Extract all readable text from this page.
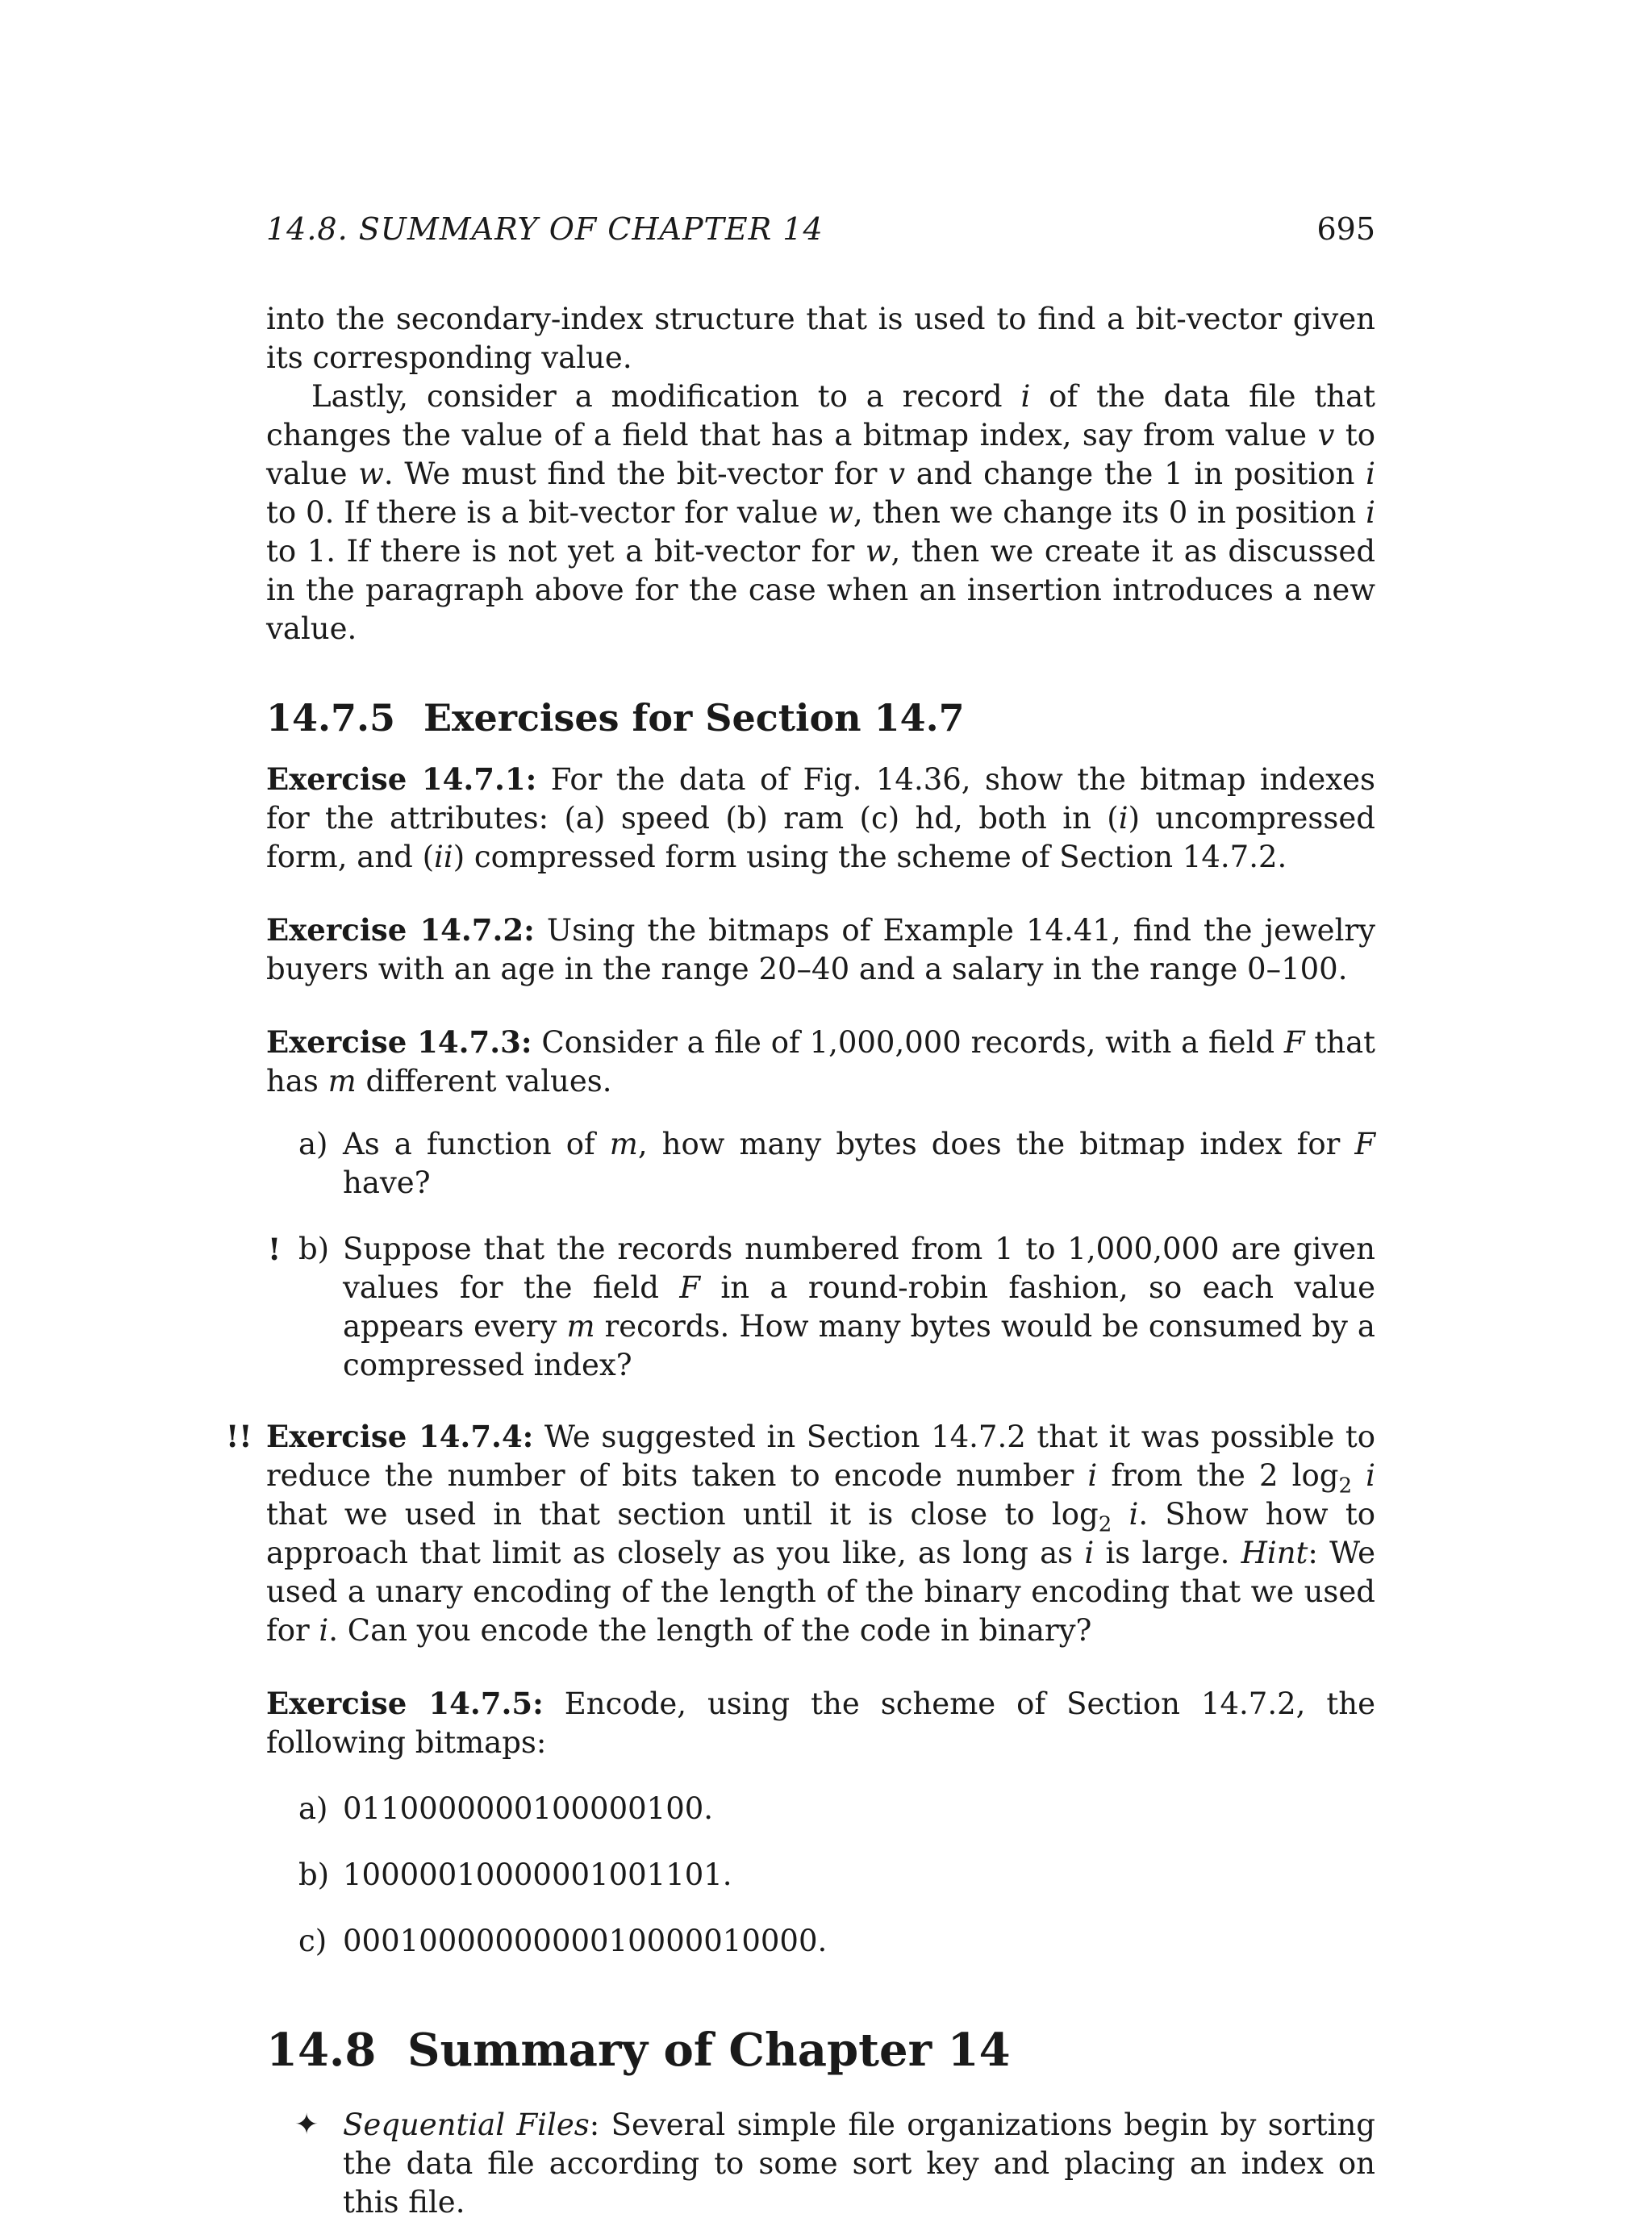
14.8. SUMMARY OF CHAPTER 14	695

into the secondary-index structure that is used to find a bit-vector given its corresponding value.

Lastly, consider a modification to a record i of the data file that changes the value of a field that has a bitmap index, say from value v to value w. We must find the bit-vector for v and change the 1 in position i to 0. If there is a bit-vector for value w, then we change its 0 in position i to 1. If there is not yet a bit-vector for w, then we create it as discussed in the paragraph above for the case when an insertion introduces a new value.

14.7.5 Exercises for Section 14.7

Exercise 14.7.1: For the data of Fig. 14.36, show the bitmap indexes for the attributes: (a) speed (b) ram (c) hd, both in (i) uncompressed form, and (ii) compressed form using the scheme of Section 14.7.2.

Exercise 14.7.2: Using the bitmaps of Example 14.41, find the jewelry buyers with an age in the range 20–40 and a salary in the range 0–100.

Exercise 14.7.3: Consider a file of 1,000,000 records, with a field F that has m different values.

a) As a function of m, how many bytes does the bitmap index for F have?
! b) Suppose that the records numbered from 1 to 1,000,000 are given values for the field F in a round-robin fashion, so each value appears every m records. How many bytes would be consumed by a compressed index?

!! Exercise 14.7.4: We suggested in Section 14.7.2 that it was possible to reduce the number of bits taken to encode number i from the 2 $\log_2 i$ that we used in that section until it is close to $\log_2 i$. Show how to approach that limit as closely as you like, as long as i is large. Hint: We used a unary encoding of the length of the binary encoding that we used for i. Can you encode the length of the code in binary?

Exercise 14.7.5: Encode, using the scheme of Section 14.7.2, the following bitmaps:

a) 0110000000100000100.
b) 10000010000001001101.
c) 0001000000000010000010000.
14.8 Summary of Chapter 14

✦ Sequential Files: Several simple file organizations begin by sorting the data file according to some sort key and placing an index on this file.
